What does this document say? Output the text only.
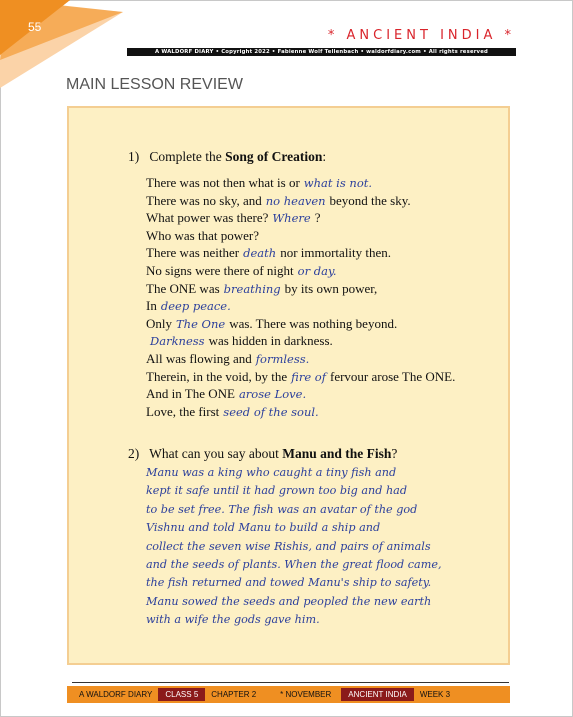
55
* ANCIENT INDIA *
A WALDORF DIARY • Copyright 2022 • Fabienne Wolf Tellenbach • waldorfdiary.com • All rights reserved
MAIN LESSON REVIEW
1) Complete the Song of Creation:
There was not then what is or what is not.
There was no sky, and no heaven beyond the sky.
What power was there? Where ?
Who was that power?
There was neither death nor immortality then.
No signs were there of night or day.
The ONE was breathing by its own power,
In deep peace.
Only The One was. There was nothing beyond.
Darkness was hidden in darkness.
All was flowing and formless.
Therein, in the void, by the fire of fervour arose The ONE.
And in The ONE arose Love.
Love, the first seed of the soul.
2) What can you say about Manu and the Fish?
Manu was a king who caught a tiny fish and
kept it safe until it had grown too big and had
to be set free. The fish was an avatar of the god
Vishnu and told Manu to build a ship and
collect the seven wise Rishis, and pairs of animals
and the seeds of plants. When the great flood came,
the fish returned and towed Manu's ship to safety.
Manu sowed the seeds and peopled the new earth
with a wife the gods gave him.
A WALDORF DIARY	CLASS 5	CHAPTER 2	* NOVEMBER	ANCIENT INDIA	WEEK 3
